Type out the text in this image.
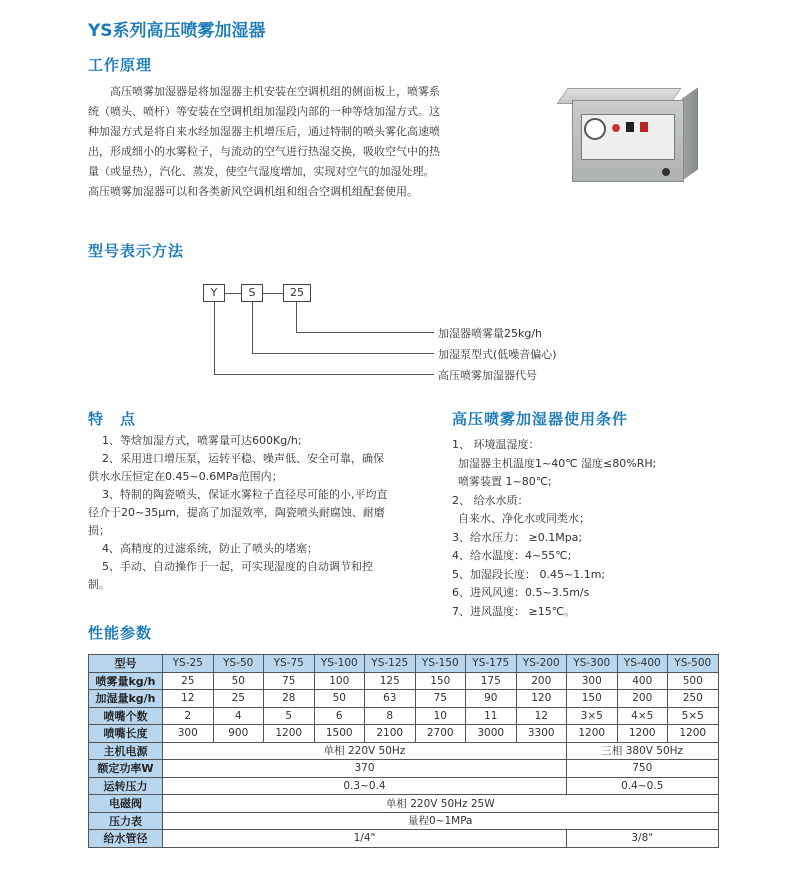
YS系列高压喷雾加湿器
工作原理
高压喷雾加湿器是将加湿器主机安装在空调机组的侧面板上，喷雾系
统（喷头、喷杆）等安装在空调机组加湿段内部的一种等焓加湿方式。这
种加湿方式是将自来水经加湿器主机增压后，通过特制的喷头雾化高速喷
出，形成细小的水雾粒子，与流动的空气进行热湿交换，吸收空气中的热
量（或显热），汽化、蒸发，使空气湿度增加，实现对空气的加湿处理。
高压喷雾加湿器可以和各类新风空调机组和组合空调机组配套使用。
型号表示方法
Y	S	25
加湿器喷雾量25kg/h
加湿泵型式(低噪音偏心)
高压喷雾加湿器代号
特　点
1、等焓加湿方式，喷雾量可达600Kg/h;
2、采用进口增压泵，运转平稳、噪声低、安全可靠，确保
供水水压恒定在0.45~0.6MPa范围内；
3、特制的陶瓷喷头，保证水雾粒子直径尽可能的小,平均直
径介于20~35μm，提高了加湿效率，陶瓷喷头耐腐蚀、耐磨
损；
4、高精度的过滤系统，防止了喷头的堵塞；
5、手动、自动操作于一起，可实现湿度的自动调节和控
制。
高压喷雾加湿器使用条件
1、 环境温湿度：
加湿器主机温度1~40℃ 湿度≤80%RH;
喷雾装置 1~80℃;
2、 给水水质：
自来水、净化水或同类水；
3、给水压力： ≥0.1Mpa;
4、给水温度：4~55℃;
5、加湿段长度： 0.45~1.1m;
6、进风风速：0.5~3.5m/s
7、进风温度： ≥15℃。
性能参数
型号	YS-25	YS-50	YS-75	YS-100	YS-125	YS-150	YS-175	YS-200	YS-300	YS-400	YS-500
喷雾量kg/h	25	50	75	100	125	150	175	200	300	400	500
加湿量kg/h	12	25	28	50	63	75	90	120	150	200	250
喷嘴个数	2	4	5	6	8	10	11	12	3×5	4×5	5×5
喷嘴长度	300	900	1200	1500	2100	2700	3000	3300	1200	1200	1200
主机电源	单相 220V 50Hz								三相 380V 50Hz		
额定功率W	370								750		
运转压力	0.3~0.4								0.4~0.5		
电磁阀	单相 220V 50Hz 25W										
压力表	量程0~1MPa										
给水管径	1/4"								3/8"		
